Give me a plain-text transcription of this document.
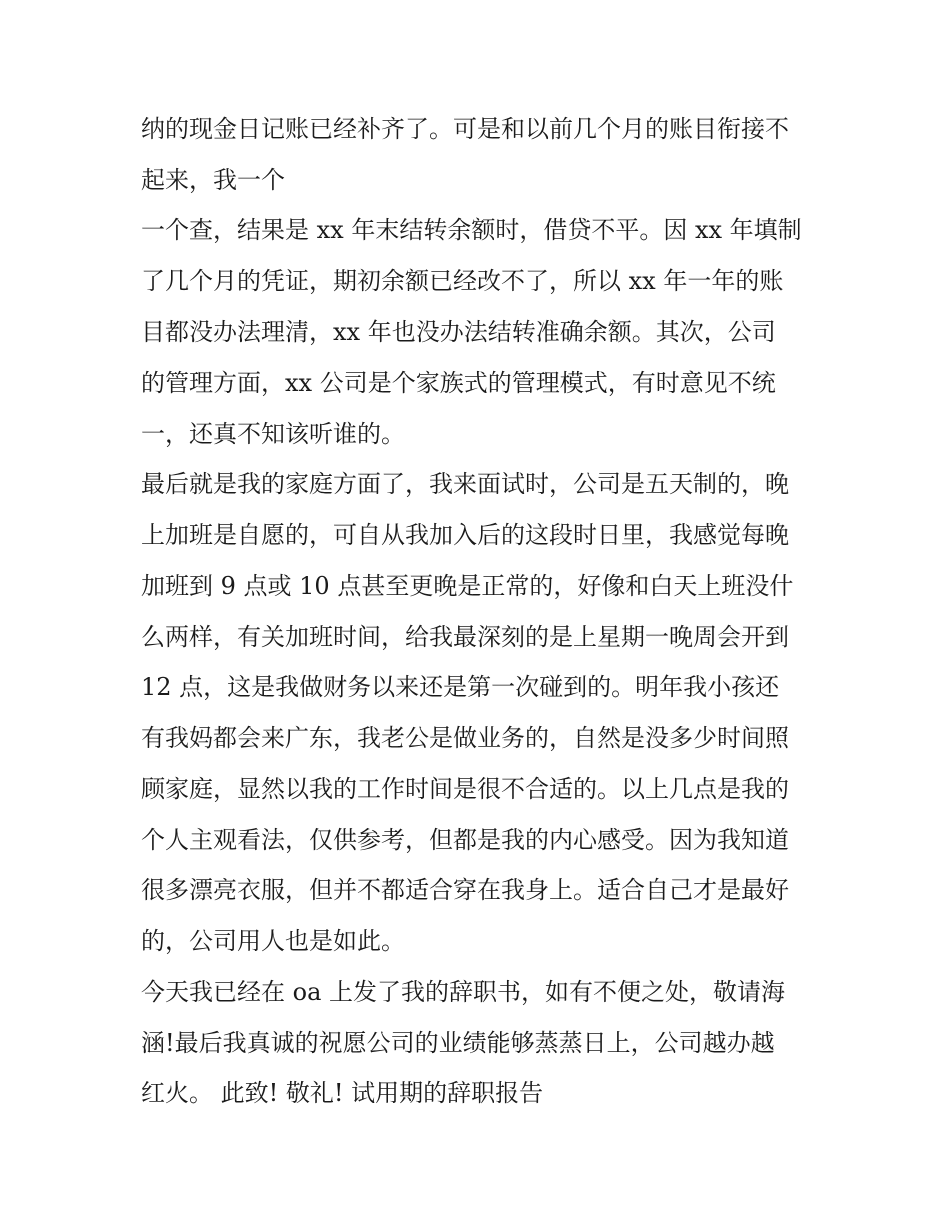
纳的现金日记账已经补齐了。可是和以前几个月的账目衔接不
起来，我一个
一个查，结果是 xx 年末结转余额时，借贷不平。因 xx 年填制
了几个月的凭证，期初余额已经改不了，所以 xx 年一年的账
目都没办法理清，xx 年也没办法结转准确余额。其次，公司
的管理方面，xx 公司是个家族式的管理模式，有时意见不统
一，还真不知该听谁的。
最后就是我的家庭方面了，我来面试时，公司是五天制的，晚
上加班是自愿的，可自从我加入后的这段时日里，我感觉每晚
加班到 9 点或 10 点甚至更晚是正常的，好像和白天上班没什
么两样，有关加班时间，给我最深刻的是上星期一晚周会开到
12 点，这是我做财务以来还是第一次碰到的。明年我小孩还
有我妈都会来广东，我老公是做业务的，自然是没多少时间照
顾家庭，显然以我的工作时间是很不合适的。以上几点是我的
个人主观看法，仅供参考，但都是我的内心感受。因为我知道
很多漂亮衣服，但并不都适合穿在我身上。适合自己才是最好
的，公司用人也是如此。
今天我已经在 oa 上发了我的辞职书，如有不便之处，敬请海
涵!最后我真诚的祝愿公司的业绩能够蒸蒸日上，公司越办越
红火。 此致! 敬礼! 试用期的辞职报告
